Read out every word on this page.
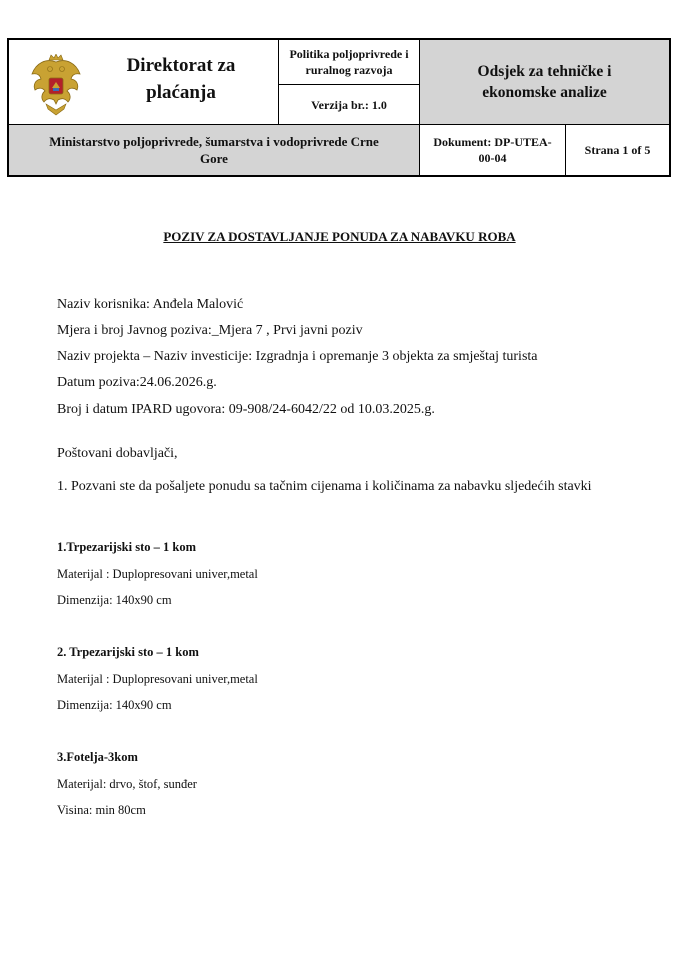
Direktorat za
plaćanja
Politika poljoprivrede i
ruralnog razvoja
Verzija br.: 1.0
Odsjek za tehničke i
ekonomske analize
Ministarstvo poljoprivrede, šumarstva i vodoprivrede Crne
Gore
Dokument: DP-UTEA-
00-04
Strana 1 of 5
POZIV ZA DOSTAVLJANJE PONUDA ZA NABAVKU ROBA
Naziv korisnika: Anđela Malović
Mjera i broj Javnog poziva:_Mjera 7 , Prvi javni poziv
Naziv projekta – Naziv investicije: Izgradnja i opremanje 3 objekta za smještaj turista
Datum poziva:24.06.2026.g.
Broj i datum IPARD ugovora: 09-908/24-6042/22 od 10.03.2025.g.
Poštovani dobavljači,
1. Pozvani ste da pošaljete ponudu sa tačnim cijenama i količinama za nabavku sljedećih stavki
1.Trpezarijski sto – 1 kom
Materijal : Duplopresovani univer,metal
Dimenzija: 140x90 cm
2. Trpezarijski sto – 1 kom
Materijal : Duplopresovani univer,metal
Dimenzija: 140x90 cm
3.Fotelja-3kom
Materijal: drvo, štof, sunđer
Visina: min 80cm
